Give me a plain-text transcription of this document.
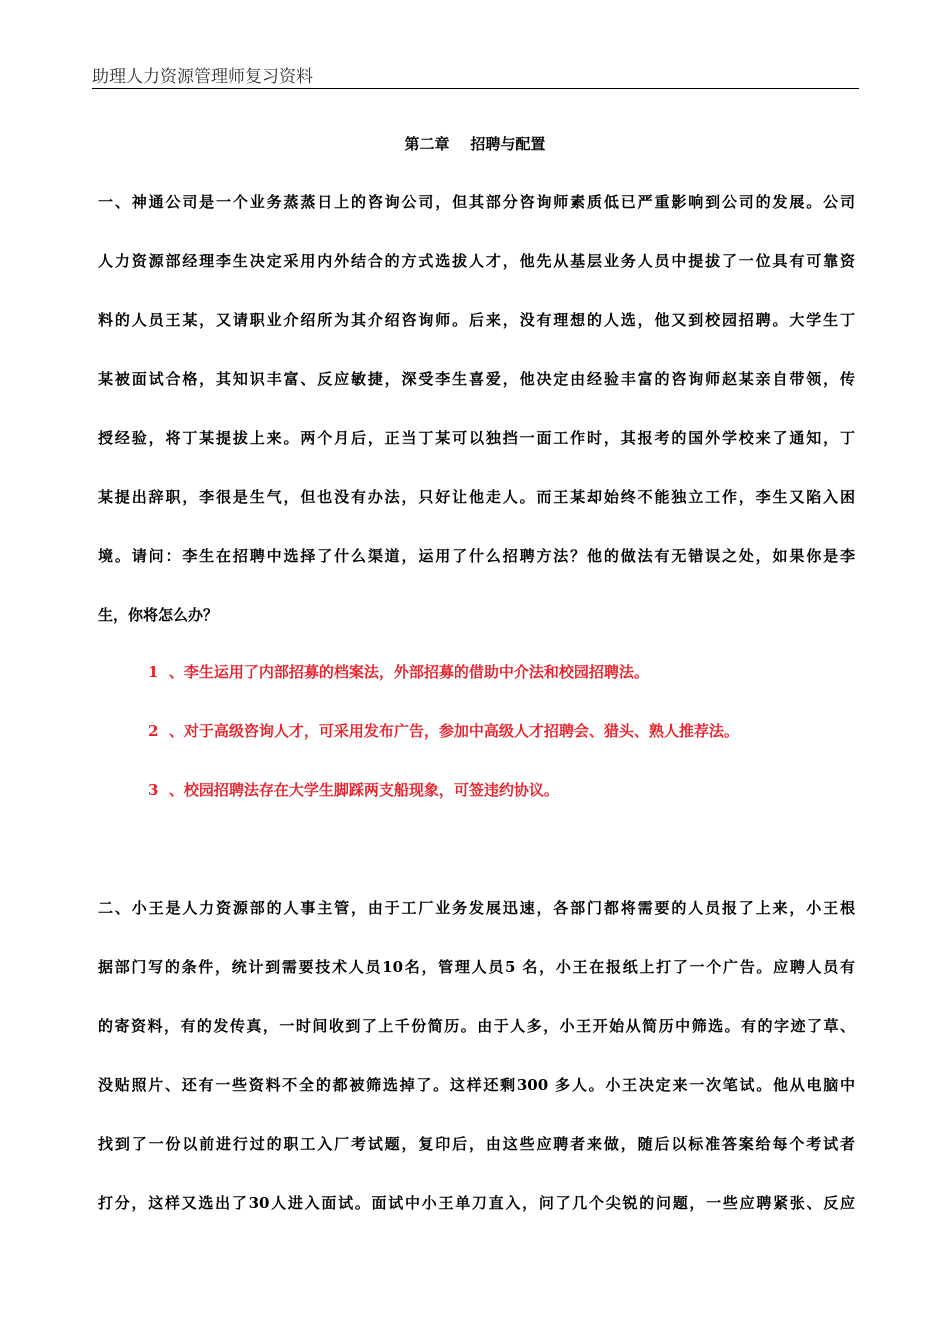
助理人力资源管理师复习资料
第二章    招聘与配置
一、神通公司是一个业务蒸蒸日上的咨询公司，但其部分咨询师素质低已严重影响到公司的发展。公司
人力资源部经理李生决定采用内外结合的方式选拔人才，他先从基层业务人员中提拔了一位具有可靠资
料的人员王某，又请职业介绍所为其介绍咨询师。后来，没有理想的人选，他又到校园招聘。大学生丁
某被面试合格，其知识丰富、反应敏捷，深受李生喜爱，他决定由经验丰富的咨询师赵某亲自带领，传
授经验，将丁某提拔上来。两个月后，正当丁某可以独挡一面工作时，其报考的国外学校来了通知，丁
某提出辞职，李很是生气，但也没有办法，只好让他走人。而王某却始终不能独立工作，李生又陷入困
境。请问：李生在招聘中选择了什么渠道，运用了什么招聘方法？他的做法有无错误之处，如果你是李
生，你将怎么办？
1  、李生运用了内部招募的档案法，外部招募的借助中介法和校园招聘法。
2  、对于高级咨询人才，可采用发布广告，参加中高级人才招聘会、猎头、熟人推荐法。
3  、校园招聘法存在大学生脚踩两支船现象，可签违约协议。
二、小王是人力资源部的人事主管，由于工厂业务发展迅速，各部门都将需要的人员报了上来，小王根
据部门写的条件，统计到需要技术人员10名，管理人员5 名，小王在报纸上打了一个广告。应聘人员有
的寄资料，有的发传真，一时间收到了上千份简历。由于人多，小王开始从简历中筛选。有的字迹了草、
没贴照片、还有一些资料不全的都被筛选掉了。这样还剩300 多人。小王决定来一次笔试。他从电脑中
找到了一份以前进行过的职工入厂考试题，复印后，由这些应聘者来做，随后以标准答案给每个考试者
打分，这样又选出了30人进入面试。面试中小王单刀直入，问了几个尖锐的问题，一些应聘紧张、反应
